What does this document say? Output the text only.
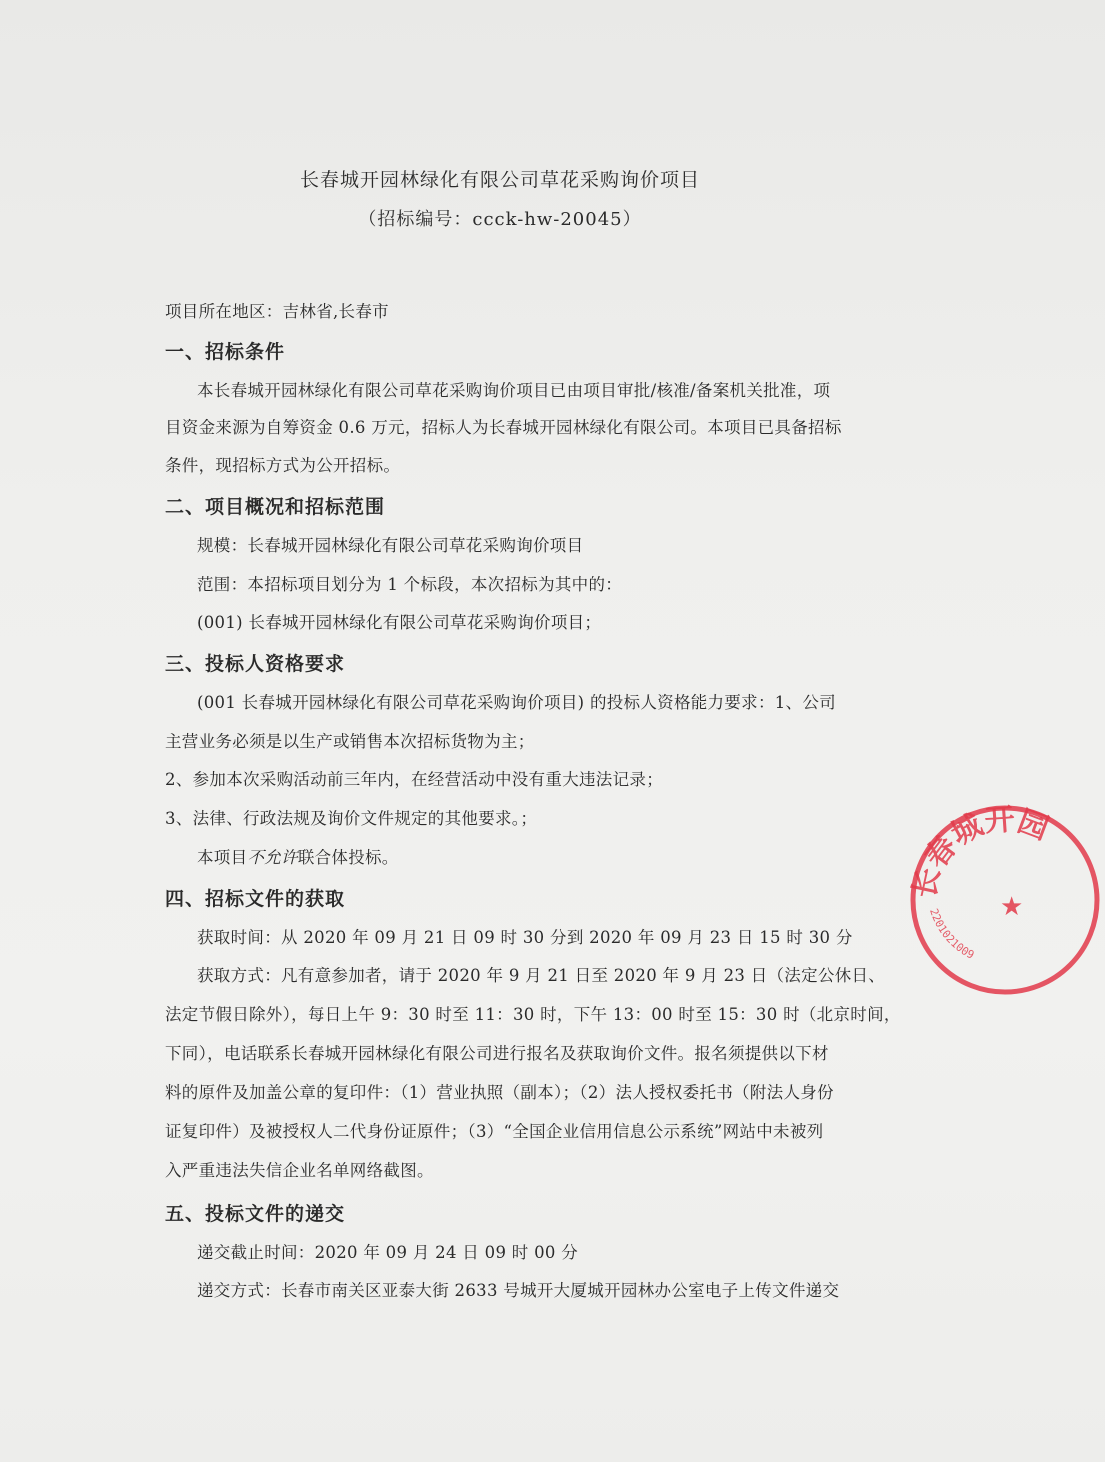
长春城开园林绿化有限公司草花采购询价项目
（招标编号：ccck-hw-20045）
项目所在地区：吉林省,长春市
一、招标条件
本长春城开园林绿化有限公司草花采购询价项目已由项目审批/核准/备案机关批准，项
目资金来源为自筹资金 0.6 万元，招标人为长春城开园林绿化有限公司。本项目已具备招标
条件，现招标方式为公开招标。
二、项目概况和招标范围
规模：长春城开园林绿化有限公司草花采购询价项目
范围：本招标项目划分为 1 个标段，本次招标为其中的：
(001) 长春城开园林绿化有限公司草花采购询价项目；
三、投标人资格要求
(001 长春城开园林绿化有限公司草花采购询价项目) 的投标人资格能力要求：1、公司
主营业务必须是以生产或销售本次招标货物为主；
2、参加本次采购活动前三年内，在经营活动中没有重大违法记录；
3、法律、行政法规及询价文件规定的其他要求。；
本项目不允许联合体投标。
四、招标文件的获取
获取时间：从 2020 年 09 月 21 日 09 时 30 分到 2020 年 09 月 23 日 15 时 30 分
获取方式：凡有意参加者，请于 2020 年 9 月 21 日至 2020 年 9 月 23 日（法定公休日、
法定节假日除外），每日上午 9：30 时至 11：30 时，下午 13：00 时至 15：30 时（北京时间，
下同），电话联系长春城开园林绿化有限公司进行报名及获取询价文件。报名须提供以下材
料的原件及加盖公章的复印件：（1）营业执照（副本）；（2）法人授权委托书（附法人身份
证复印件）及被授权人二代身份证原件；（3）“全国企业信用信息公示系统”网站中未被列
入严重违法失信企业名单网络截图。
五、投标文件的递交
递交截止时间：2020 年 09 月 24 日 09 时 00 分
递交方式：长春市南关区亚泰大街 2633 号城开大厦城开园林办公室电子上传文件递交
长春城开园
2201021009
★
